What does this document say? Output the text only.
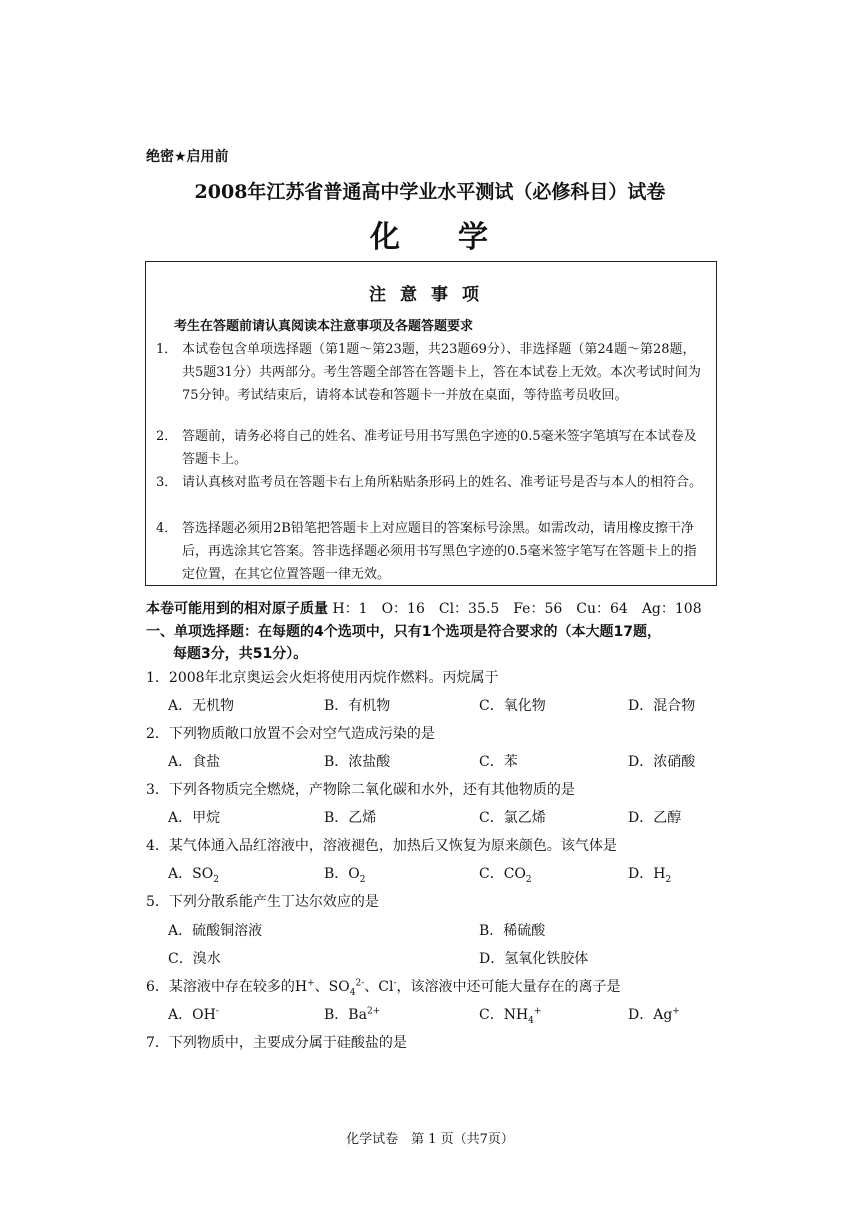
绝密★启用前
2008年江苏省普通高中学业水平测试（必修科目）试卷
化 学
注意事项
考生在答题前请认真阅读本注意事项及各题答题要求
1． 本试卷包含单项选择题（第1题～第23题，共23题69分）、非选择题（第24题～第28题，共5题31分）共两部分。考生答题全部答在答题卡上，答在本试卷上无效。本次考试时间为75分钟。考试结束后，请将本试卷和答题卡一并放在桌面，等待监考员收回。
2． 答题前，请务必将自己的姓名、准考证号用书写黑色字迹的0.5毫米签字笔填写在本试卷及答题卡上。
3． 请认真核对监考员在答题卡右上角所粘贴条形码上的姓名、准考证号是否与本人的相符合。
4． 答选择题必须用2B铅笔把答题卡上对应题目的答案标号涂黑。如需改动，请用橡皮擦干净后，再选涂其它答案。答非选择题必须用书写黑色字迹的0.5毫米签字笔写在答题卡上的指定位置，在其它位置答题一律无效。
本卷可能用到的相对原子质量 H：1　O：16　Cl：35.5　Fe：56　Cu：64　Ag：108
一、单项选择题：在每题的4个选项中，只有1个选项是符合要求的（本大题17题，
每题3分，共51分）。
1．2008年北京奥运会火炬将使用丙烷作燃料。丙烷属于
A．无机物	B．有机物	C．氧化物	D．混合物
2．下列物质敞口放置不会对空气造成污染的是
A．食盐	B．浓盐酸	C．苯	D．浓硝酸
3．下列各物质完全燃烧，产物除二氧化碳和水外，还有其他物质的是
A．甲烷	B．乙烯	C．氯乙烯	D．乙醇
4．某气体通入品红溶液中，溶液褪色，加热后又恢复为原来颜色。该气体是
A．$SO_2$	B．$O_2$	C．$CO_2$	D．$H_2$
5．下列分散系能产生丁达尔效应的是
A．硫酸铜溶液	B．稀硫酸
C．溴水	D．氢氧化铁胶体
6．某溶液中存在较多的H+、$SO_4^{2-}$、Cl-，该溶液中还可能大量存在的离子是
A．OH-	B．$Ba^{2+}$	C．$NH_4^+$	D．Ag+
7．下列物质中，主要成分属于硅酸盐的是
化学试卷　第 1 页（共7页）
